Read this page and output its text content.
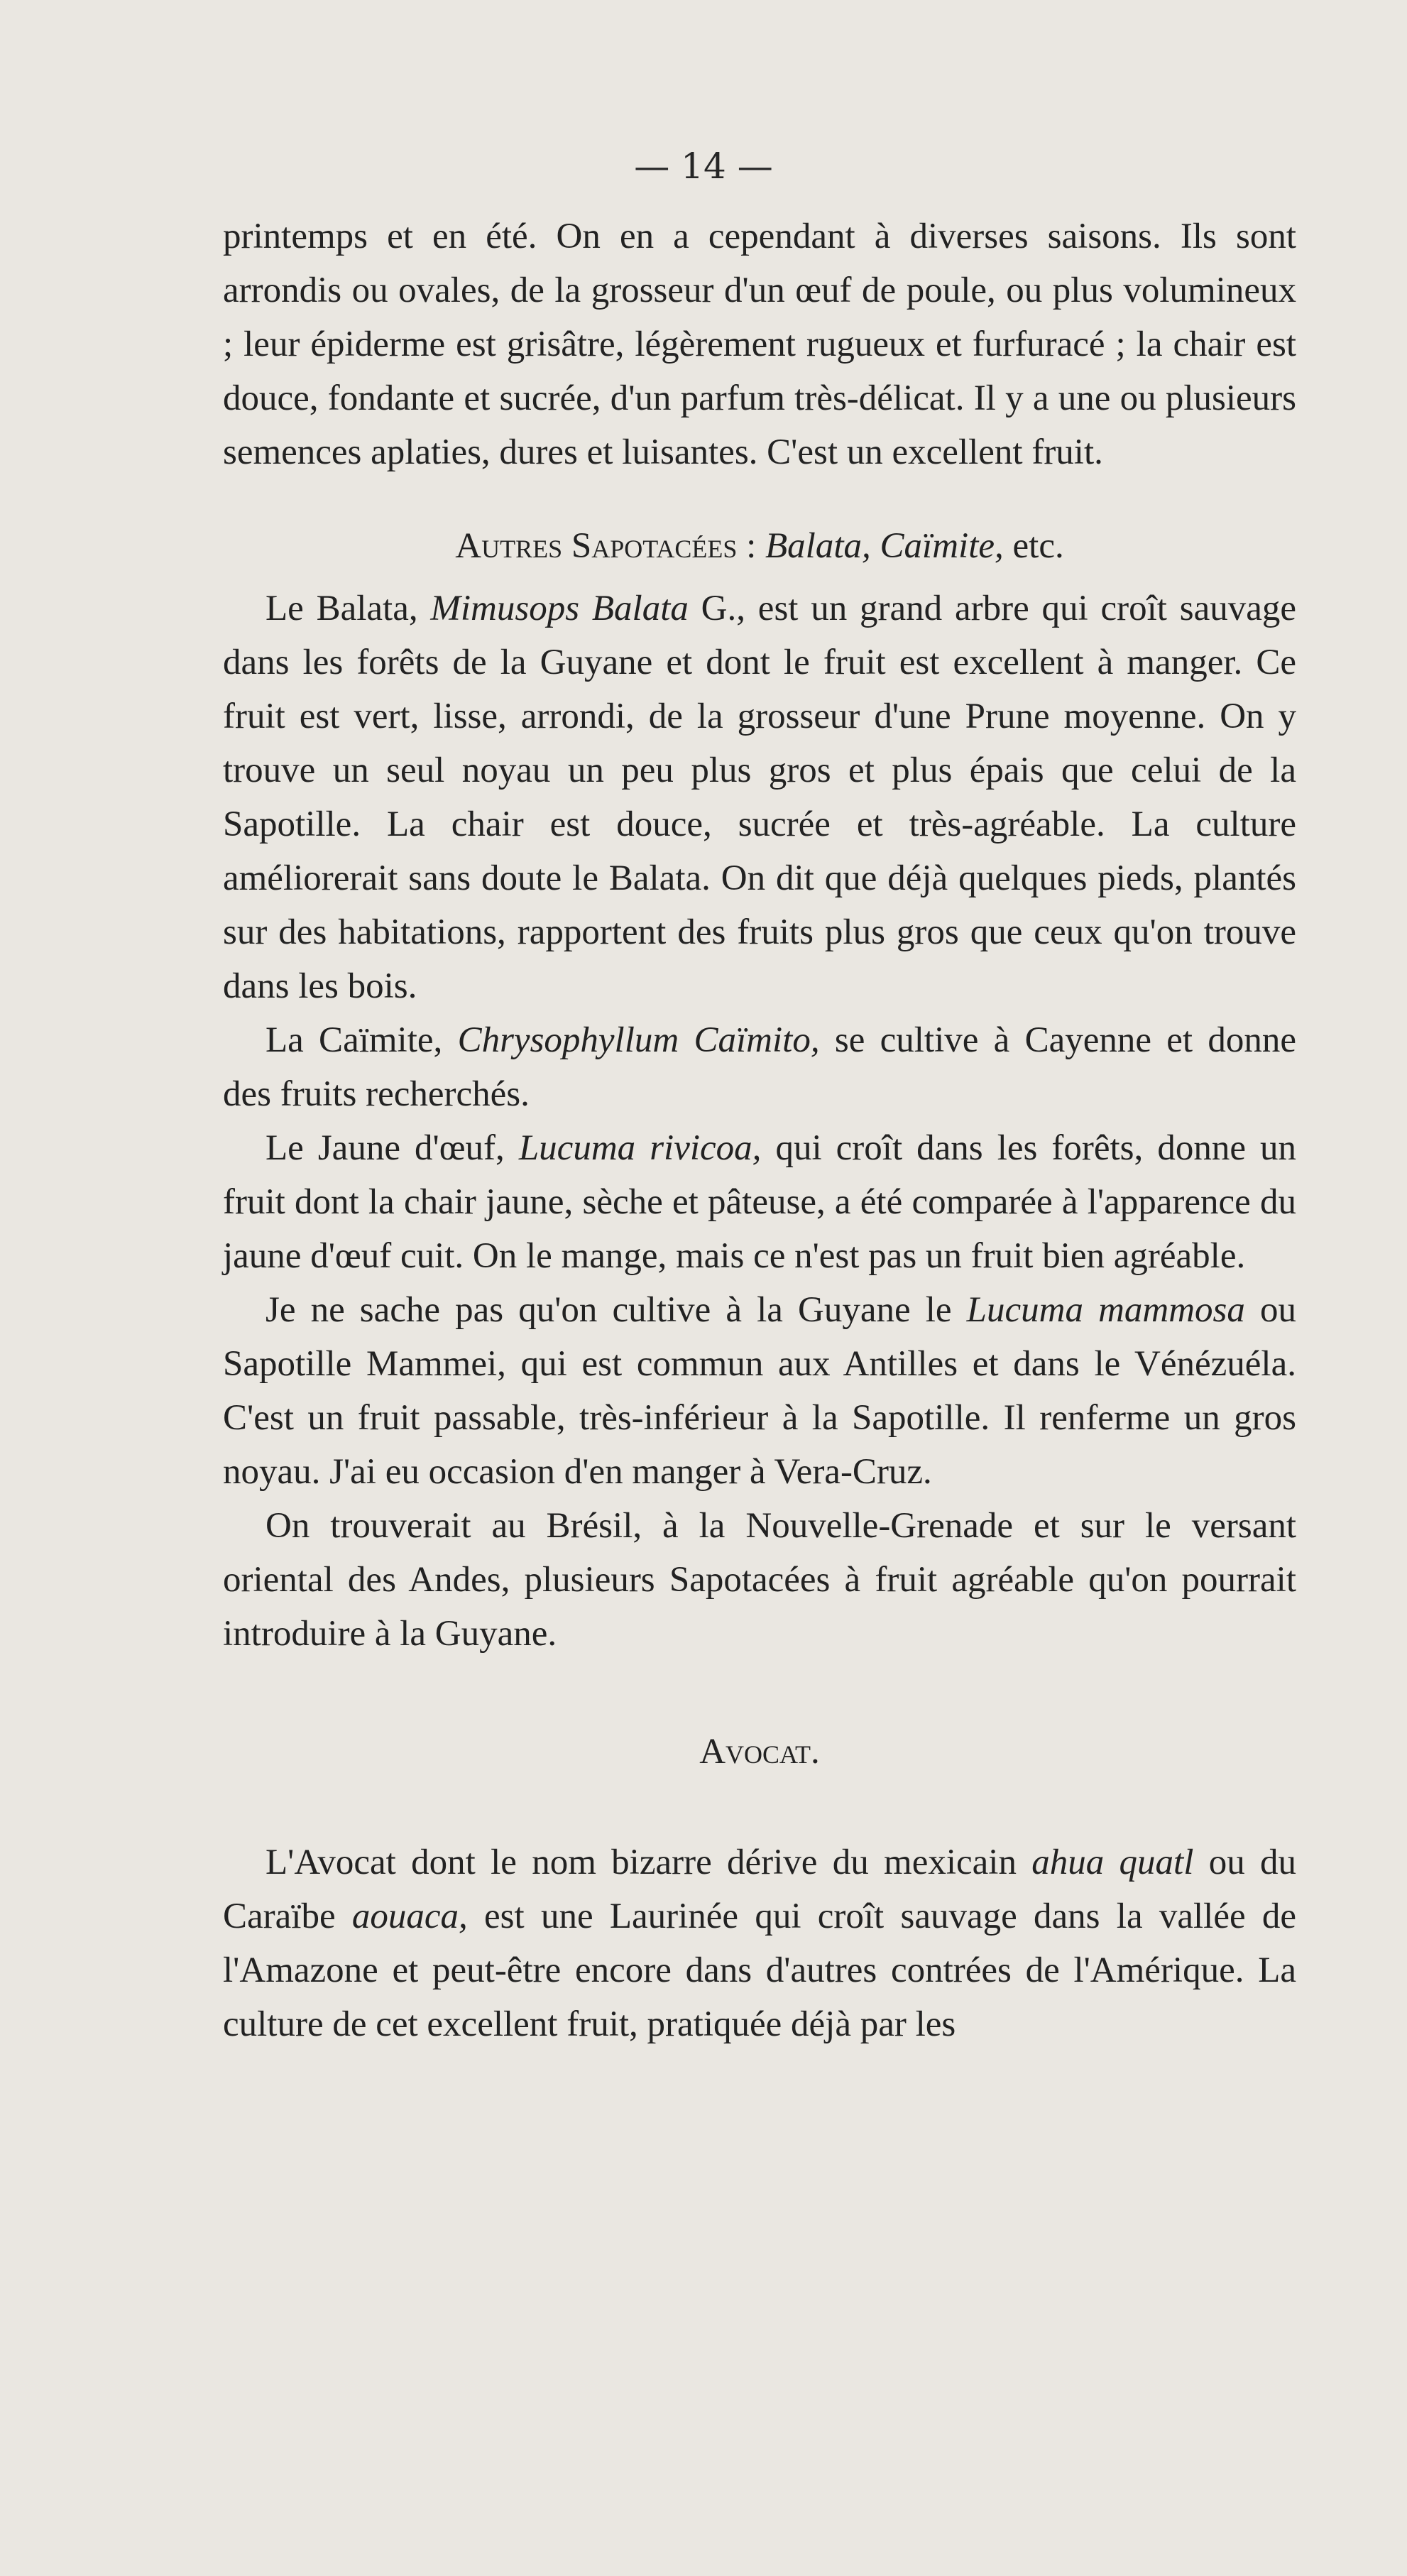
— 14 —

printemps et en été. On en a cependant à diverses saisons. Ils sont arrondis ou ovales, de la grosseur d'un œuf de poule, ou plus volumineux ; leur épiderme est grisâtre, légèrement rugueux et furfuracé ; la chair est douce, fondante et sucrée, d'un parfum très-délicat. Il y a une ou plusieurs semences aplaties, dures et luisantes. C'est un excellent fruit.

Autres Sapotacées : Balata, Caïmite, etc.

Le Balata, Mimusops Balata G., est un grand arbre qui croît sauvage dans les forêts de la Guyane et dont le fruit est excellent à manger. Ce fruit est vert, lisse, arrondi, de la grosseur d'une Prune moyenne. On y trouve un seul noyau un peu plus gros et plus épais que celui de la Sapotille. La chair est douce, sucrée et très-agréable. La culture améliorerait sans doute le Balata. On dit que déjà quelques pieds, plantés sur des habitations, rapportent des fruits plus gros que ceux qu'on trouve dans les bois.

La Caïmite, Chrysophyllum Caïmito, se cultive à Cayenne et donne des fruits recherchés.

Le Jaune d'œuf, Lucuma rivicoa, qui croît dans les forêts, donne un fruit dont la chair jaune, sèche et pâteuse, a été comparée à l'apparence du jaune d'œuf cuit. On le mange, mais ce n'est pas un fruit bien agréable.

Je ne sache pas qu'on cultive à la Guyane le Lucuma mammosa ou Sapotille Mammei, qui est commun aux Antilles et dans le Vénézuéla. C'est un fruit passable, très-inférieur à la Sapotille. Il renferme un gros noyau. J'ai eu occasion d'en manger à Vera-Cruz.

On trouverait au Brésil, à la Nouvelle-Grenade et sur le versant oriental des Andes, plusieurs Sapotacées à fruit agréable qu'on pourrait introduire à la Guyane.

Avocat.

L'Avocat dont le nom bizarre dérive du mexicain ahua quatl ou du Caraïbe aouaca, est une Laurinée qui croît sauvage dans la vallée de l'Amazone et peut-être encore dans d'autres contrées de l'Amérique. La culture de cet excellent fruit, pratiquée déjà par les
